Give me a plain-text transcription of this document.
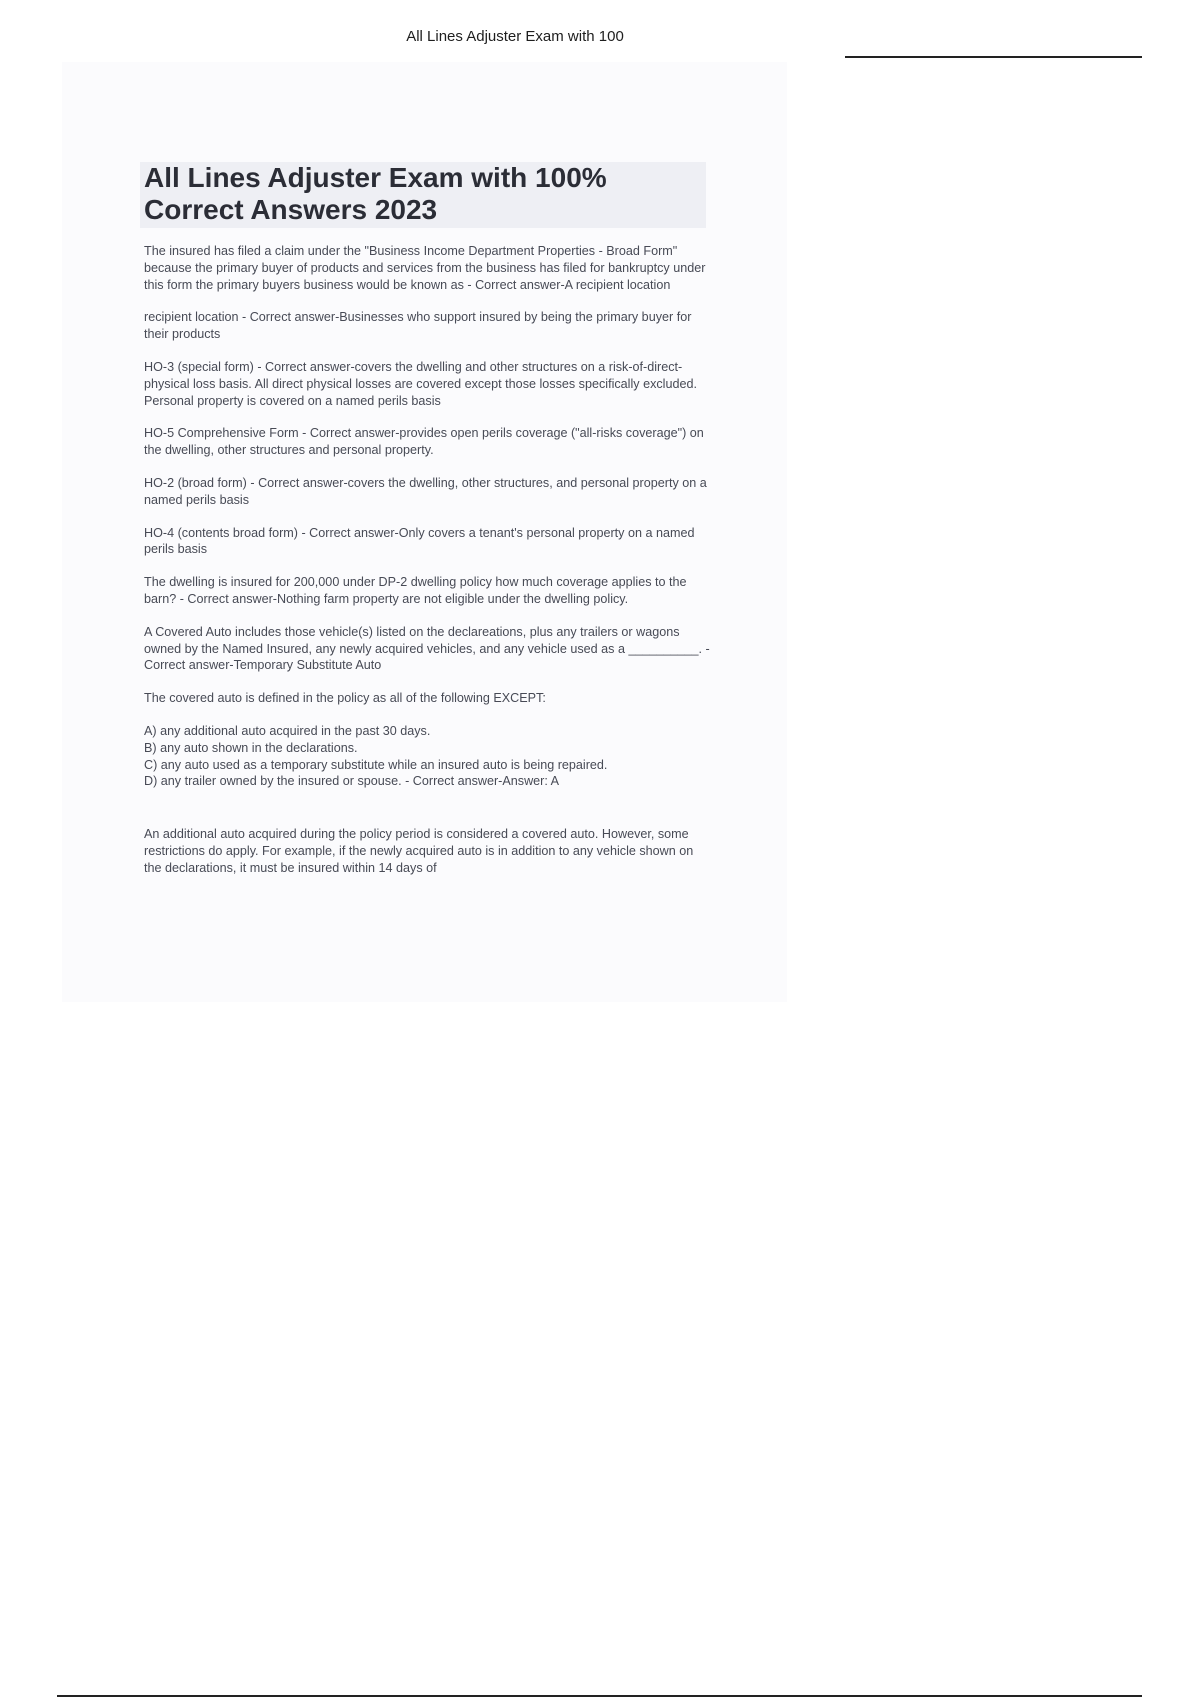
All Lines Adjuster Exam with 100
All Lines Adjuster Exam with 100%
Correct Answers 2023

The insured has filed a claim under the "Business Income Department Properties - Broad Form" because the primary buyer of products and services from the business has filed for bankruptcy under this form the primary buyers business would be known as - Correct answer-A recipient location

recipient location - Correct answer-Businesses who support insured by being the primary buyer for their products

HO-3 (special form) - Correct answer-covers the dwelling and other structures on a risk-of-direct-physical loss basis. All direct physical losses are covered except those losses specifically excluded. Personal property is covered on a named perils basis

HO-5 Comprehensive Form - Correct answer-provides open perils coverage ("all-risks coverage") on the dwelling, other structures and personal property.

HO-2 (broad form) - Correct answer-covers the dwelling, other structures, and personal property on a named perils basis

HO-4 (contents broad form) - Correct answer-Only covers a tenant's personal property on a named perils basis

The dwelling is insured for 200,000 under DP-2 dwelling policy how much coverage applies to the barn? - Correct answer-Nothing farm property are not eligible under the dwelling policy.

A Covered Auto includes those vehicle(s) listed on the declareations, plus any trailers or wagons owned by the Named Insured, any newly acquired vehicles, and any vehicle used as a __________. - Correct answer-Temporary Substitute Auto

The covered auto is defined in the policy as all of the following EXCEPT:

A) any additional auto acquired in the past 30 days.
B) any auto shown in the declarations.
C) any auto used as a temporary substitute while an insured auto is being repaired.
D) any trailer owned by the insured or spouse. - Correct answer-Answer: A

An additional auto acquired during the policy period is considered a covered auto. However, some restrictions do apply. For example, if the newly acquired auto is in addition to any vehicle shown on the declarations, it must be insured within 14 days of
